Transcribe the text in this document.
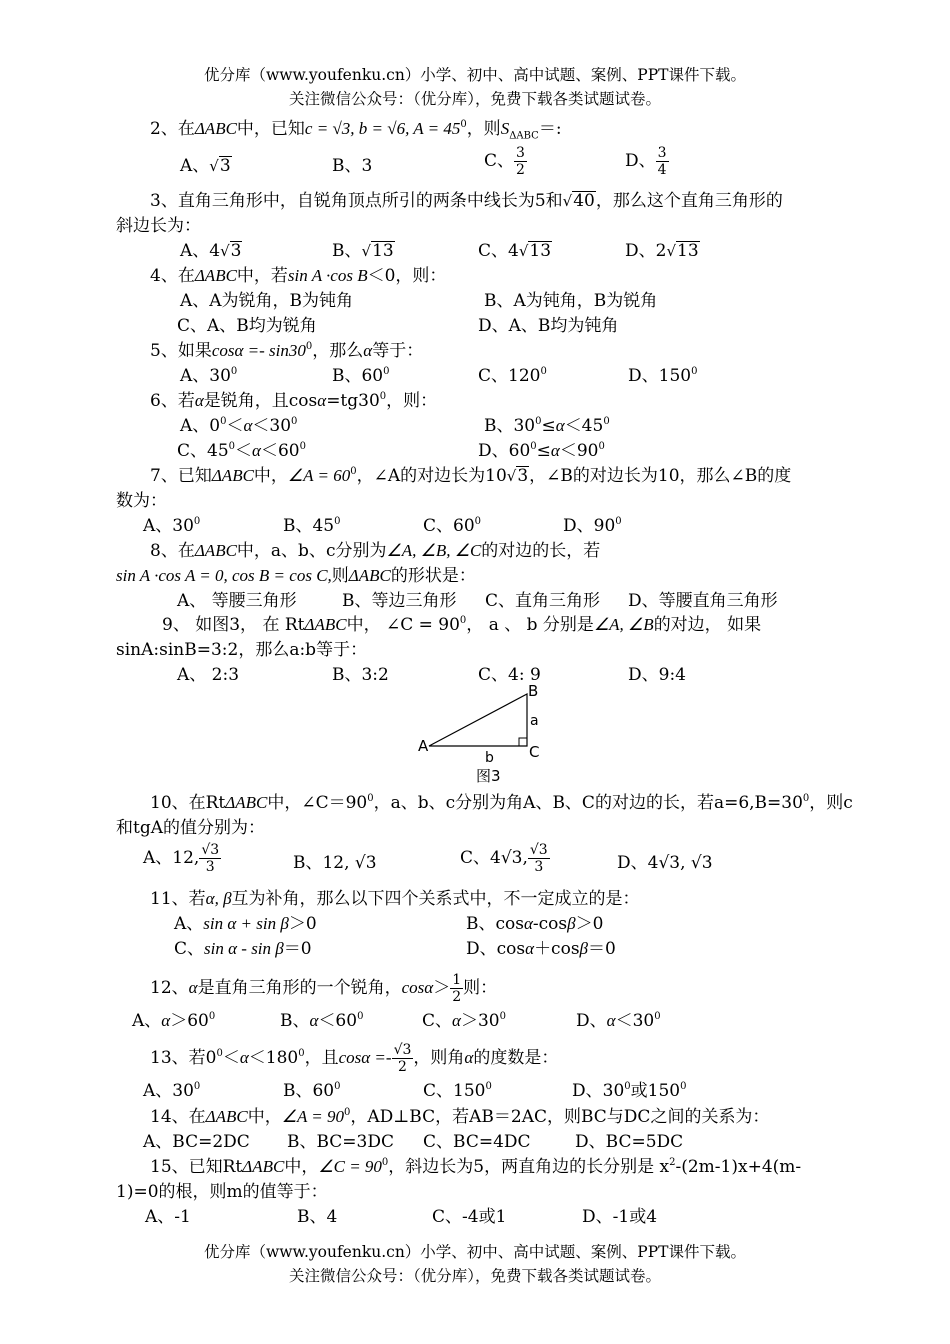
优分库（www.youfenku.cn）小学、初中、高中试题、案例、PPT课件下载。
关注微信公众号：（优分库），免费下载各类试题试卷。
2、在ΔABC中，已知c = √3, b = √6, $A = 45^0$，则$S_{\Delta ABC}=$:
A、√3	B、3	C、 $\frac{3}{2}$	D、 $\frac{3}{4}$
3、直角三角形中，自锐角顶点所引的两条中线长为5和√40，那么这个直角三角形的
斜边长为：
A、4√3	B、√13	C、4√13	D、2√13
4、在ΔABC中，若sin A ·cos B＜0，则：
A、A为锐角，B为钝角	B、A为钝角，B为锐角
C、A、B均为锐角	D、A、B均为钝角
5、如果$\cos\alpha =- \sin 30^0$，那么α等于：
A、$30^0$	B、$60^0$	C、$120^0$	D、$150^0$
6、若α是锐角，且$\cos\alpha=tg30^0$，则：
A、$0^0<\alpha<30^0$	B、$30^0\le\alpha<45^0$
C、$45^0<\alpha<60^0$	D、$60^0\le\alpha<90^0$
7、已知ΔABC中，∠A = $60^0$，∠A的对边长为10√3，∠B的对边长为10，那么∠B的度
数为：
A、$30^0$	B、$45^0$	C、$60^0$	D、$90^0$
8、在ΔABC中，a、b、c分别为∠A, ∠B, ∠C的对边的长，若
sin A ·cos A = 0, cos B = cos C,则ΔABC的形状是：
A、 等腰三角形	B、等边三角形 C、直角三角形 D、等腰直角三角形
9、 如图3， 在 RtΔABC中， ∠C = $90^0$， a 、 b 分别是∠A, ∠B的对边， 如果
sinA:sinB=3:2，那么a:b等于：
A、 2:3	B、3:2	C、4: 9	D、9:4
A
B
C
a
b
图3
10、在RtΔABC中，$\angle C=90^0$，a、b、c分别为角A、B、C的对边的长，若$a=6,B=30^0$，则c
和tgA的值分别为：
A、12, $\frac{√3}{3}$	B、12, √3	C、4√3, $\frac{√3}{3}$	D、4√3, √3
11、若α, β互为补角，那么以下四个关系式中，不一定成立的是：
A、sin α + sin β＞0	B、cosα-cosβ＞0
C、sin α - sin β＝0	D、cosα＋cosβ＝0
12、α是直角三角形的一个锐角，$\cos\alpha> \frac{1}{2}$ 则：
A、$\alpha>60^0$	B、$\alpha<60^0$	C、$\alpha>30^0$	D、$\alpha<30^0$
13、若$0^0<\alpha<180^0$，且$\cos\alpha =- \frac{√3}{2}$ ，则角α的度数是：
A、$30^0$	B、$60^0$	C、$150^0$	D、$30^0$或$150^0$
14、在ΔABC中，∠A = $90^0$，AD⊥BC，若AB＝2AC，则BC与DC之间的关系为：
A、BC=2DC B、BC=3DC C、BC=4DC	D、BC=5DC
15、已知RtΔABC中，∠C = $90^0$，斜边长为5，两直角边的长分别是 $x^2-(2m-1)x+4(m-$
1)=0的根，则m的值等于：
A、-1	B、4	C、-4或1	D、-1或4
优分库（www.youfenku.cn）小学、初中、高中试题、案例、PPT课件下载。
关注微信公众号：（优分库），免费下载各类试题试卷。
